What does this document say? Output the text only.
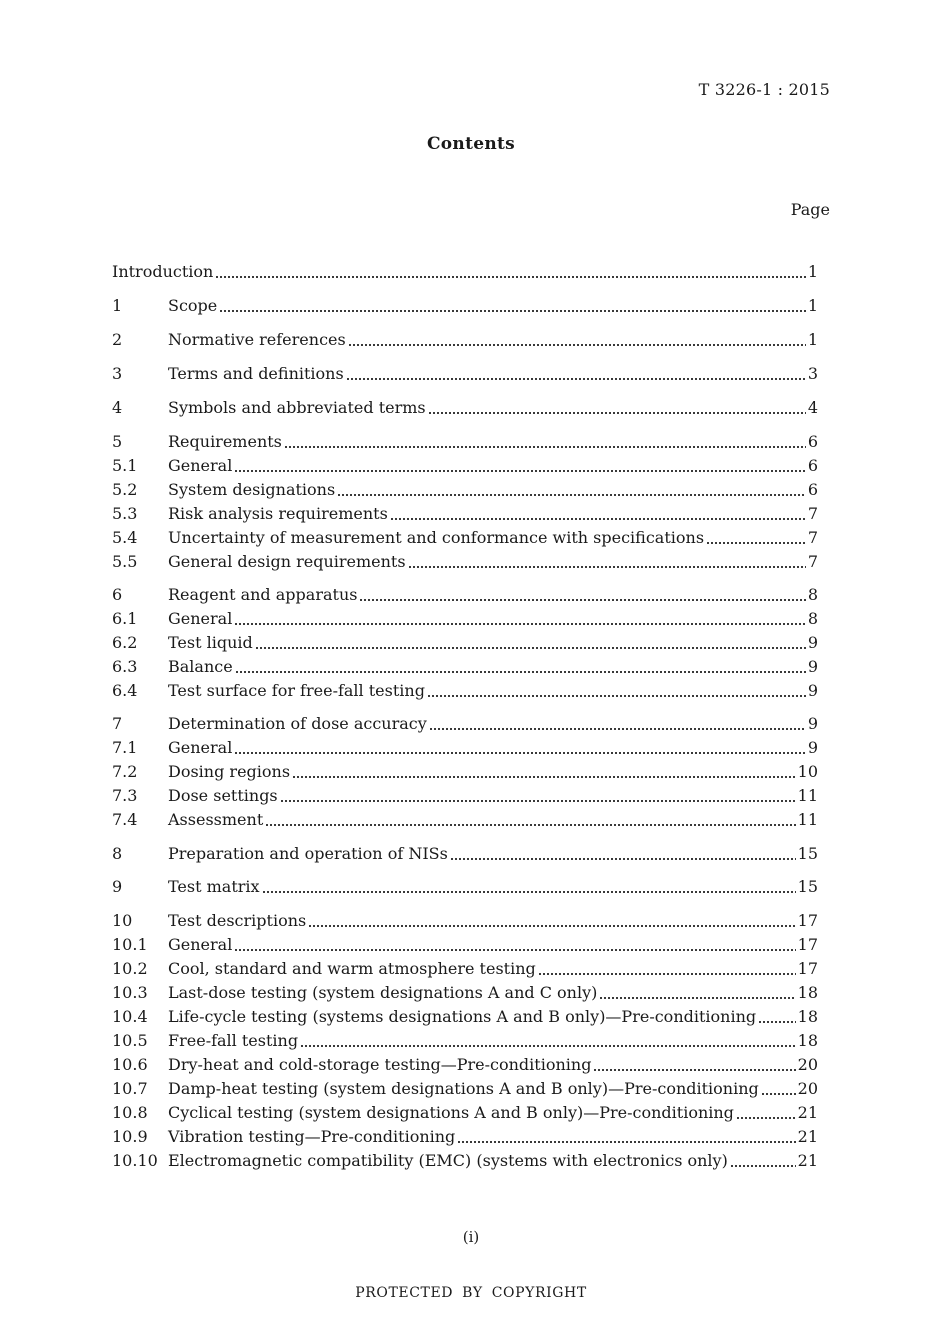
T 3226-1 : 2015
Contents
Page
Introduction	1
1	Scope	1
2	Normative references	1
3	Terms and definitions	3
4	Symbols and abbreviated terms	4
5	Requirements	6
5.1	General	6
5.2	System designations	6
5.3	Risk analysis requirements	7
5.4	Uncertainty of measurement and conformance with specifications	7
5.5	General design requirements	7
6	Reagent and apparatus	8
6.1	General	8
6.2	Test liquid	9
6.3	Balance	9
6.4	Test surface for free-fall testing	9
7	Determination of dose accuracy	9
7.1	General	9
7.2	Dosing regions	10
7.3	Dose settings	11
7.4	Assessment	11
8	Preparation and operation of NISs	15
9	Test matrix	15
10	Test descriptions	17
10.1	General	17
10.2	Cool, standard and warm atmosphere testing	17
10.3	Last-dose testing (system designations A and C only)	18
10.4	Life-cycle testing (systems designations A and B only)—Pre-conditioning	18
10.5	Free-fall testing	18
10.6	Dry-heat and cold-storage testing—Pre-conditioning	20
10.7	Damp-heat testing (system designations A and B only)—Pre-conditioning 20
10.8	Cyclical testing (system designations A and B only)—Pre-conditioning	21
10.9	Vibration testing—Pre-conditioning	21
10.10 Electromagnetic compatibility (EMC) (systems with electronics only)	21
(i)
PROTECTED BY COPYRIGHT
